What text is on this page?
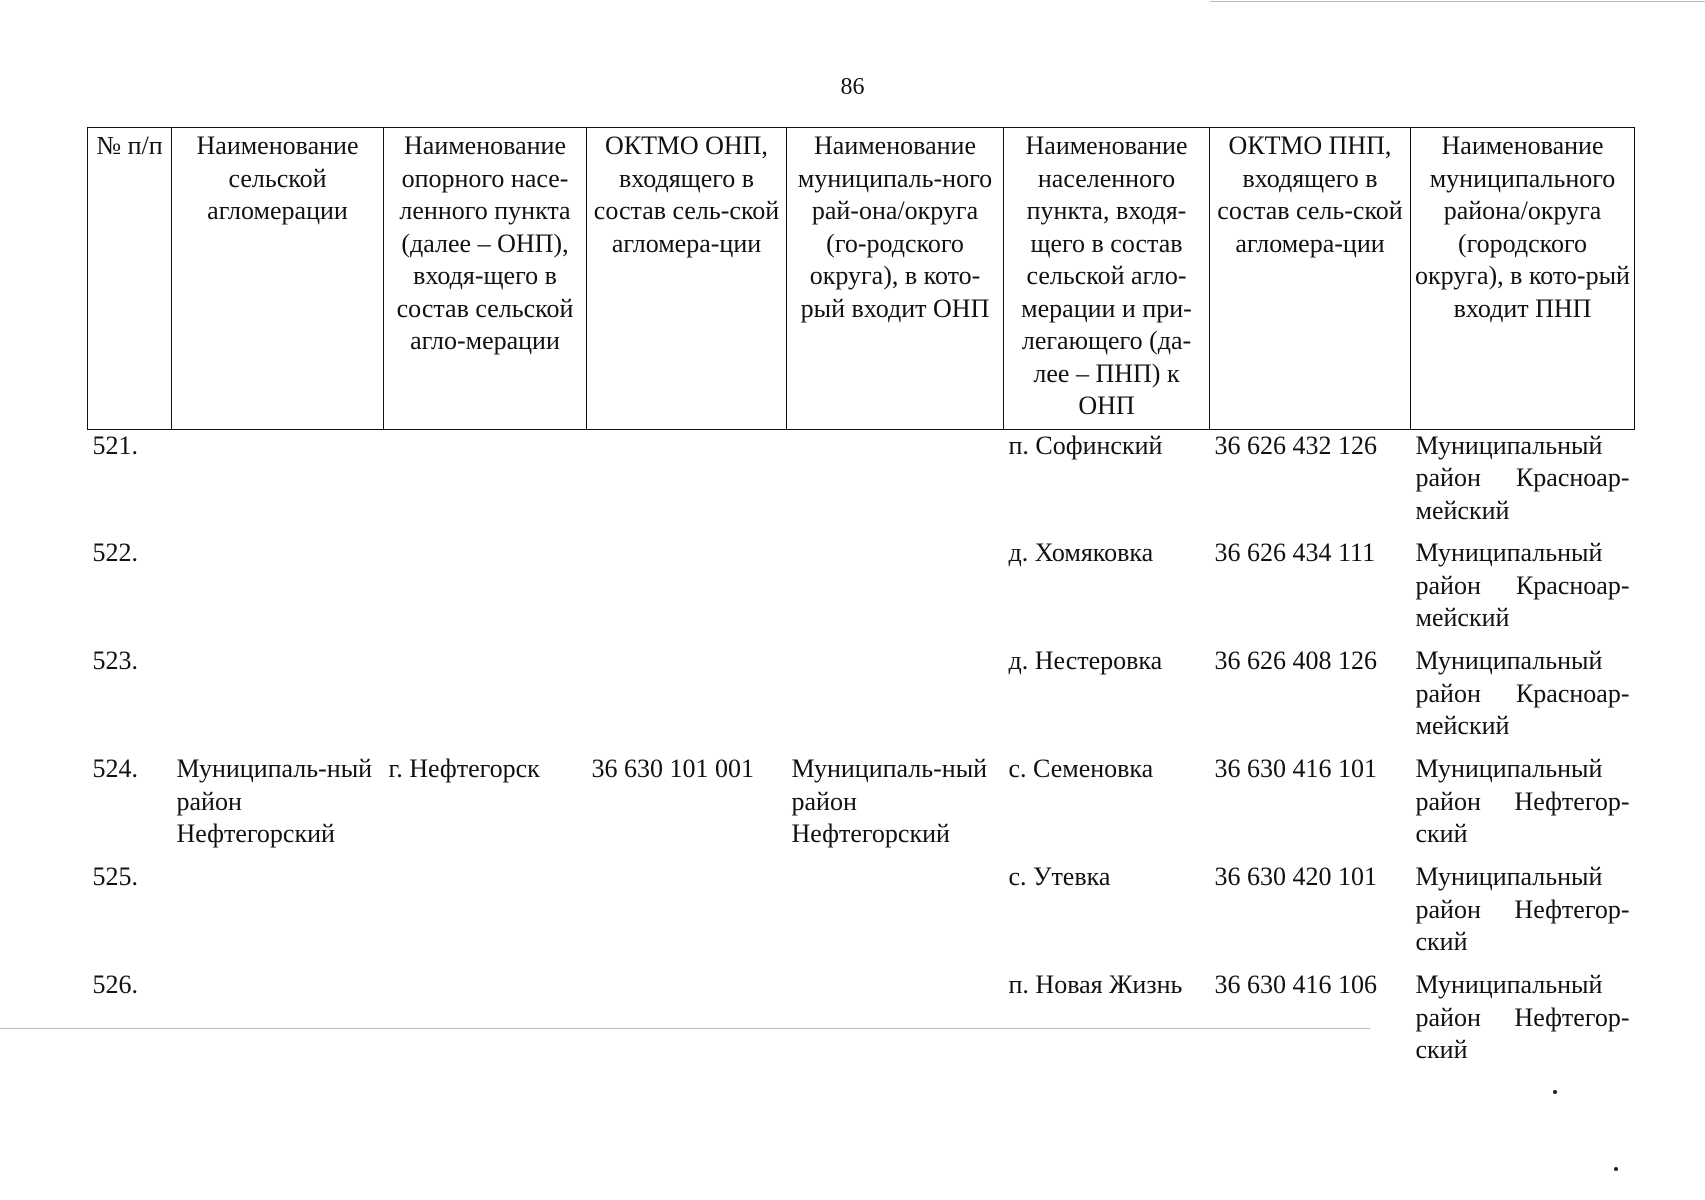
86
№ п/п	Наименование сельской агломерации	Наименование опорного насе-ленного пункта (далее – ОНП), входя-щего в состав сельской агло-мерации	ОКТМО ОНП, входящего в состав сель-ской агломера-ции	Наименование муниципаль-ного рай-она/округа (го-родского округа), в кото-рый входит ОНП	Наименование населенного пункта, входя-щего в состав сельской агло-мерации и при-легающего (да-лее – ПНП) к ОНП	ОКТМО ПНП, входящего в состав сель-ской агломера-ции	Наименование муниципального района/округа (городского округа), в кото-рый входит ПНП
521.					п. Софинский	36 626 432 126	Муниципальный район Красноар-мейский
522.					д. Хомяковка	36 626 434 111	Муниципальный район Красноар-мейский
523.					д. Нестеровка	36 626 408 126	Муниципальный район Красноар-мейский
524.	Муниципаль-ный район Нефтегорский	г. Нефтегорск	36 630 101 001	Муниципаль-ный район Нефтегорский	с. Семеновка	36 630 416 101	Муниципальный район Нефтегор-ский
525.					с. Утевка	36 630 420 101	Муниципальный район Нефтегор-ский
526.					п. Новая Жизнь	36 630 416 106	Муниципальный район Нефтегор-ский
